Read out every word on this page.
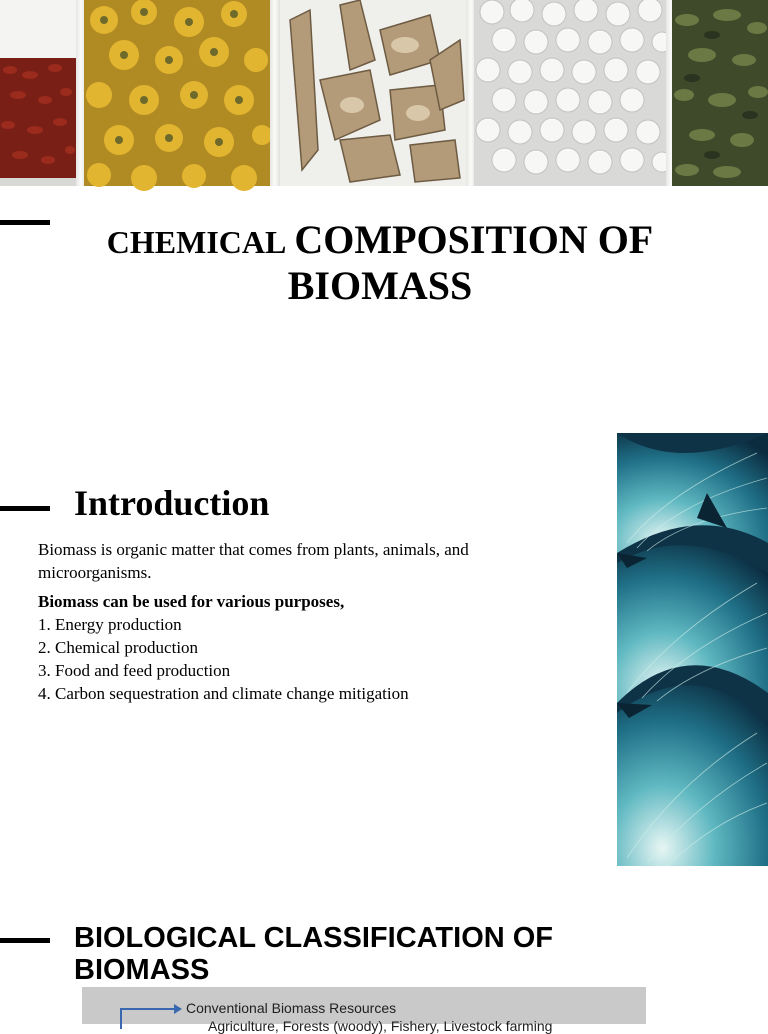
CHEMICAL COMPOSITION OF BIOMASS
Introduction

Biomass is organic matter that comes from plants, animals, and microorganisms.

Biomass can be used for various purposes,

1. Energy production
2. Chemical production
3. Food and feed production
4. Carbon sequestration and climate change mitigation
BIOLOGICAL CLASSIFICATION OF BIOMASS
Conventional Biomass Resources
Agriculture, Forests (woody), Fishery, Livestock farming
